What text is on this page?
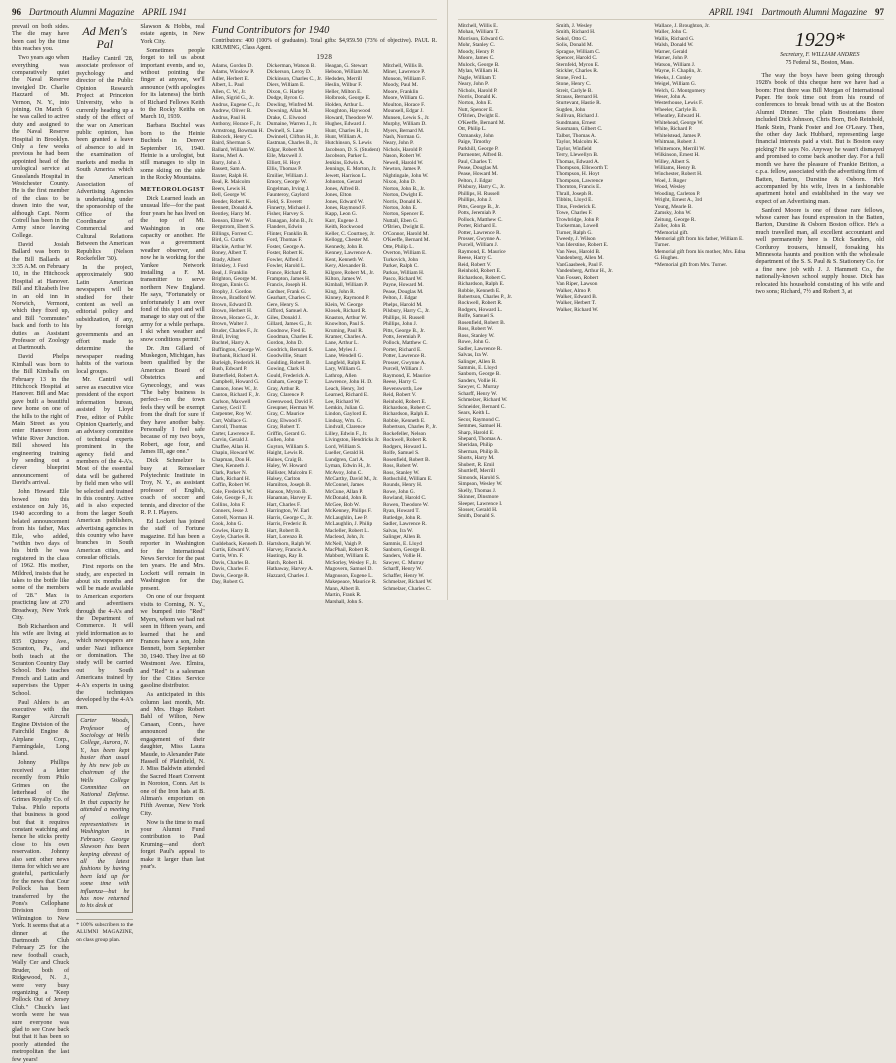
96 Dartmouth Alumni Magazine APRIL 1941

prevail on both sides. The die may have been cast by the time this reaches you.

Two years ago when everything was comparatively quiet the Naval Reserve inveigled Dr. Charlie Hazzard of Mt. Vernon, N. Y., into joining. On March 6 he was called to active duty and assigned to the Naval Reserve Hospital in Brooklyn. Only a few weeks previous he had been appointed head of the urological service at Grasslands Hospital in Westchester County. He is the first member of the class to be drawn into the war, although Capt. Norm Cotrell has been in the Army since leaving College.

David Josiah Ballard was born to the Bill Ballards at 3:35 A.M. on February 10, in the Hitchcock Hospital at Hanover. Bill and Elizabeth live in an old inn in Norwich, Vermont, which they fixed up, and Bill "commutes" back and forth to his duties as Assistant Professor of Zoology at Dartmouth.

David Phelps Kimball was born to the Bill Kimballs on February 13 in the Hitchcock Hospital at Hanover. Bill and Mac gave built a beautiful new home on one of the hills to the right of Main Street as you enter Hanover from White River Junction. Bill showed his engineering training by sending out a clever blueprint announcement of David's arrival.

John Howard Eile bowed into this existence on July 16, 1940 according to a belated announcement from his father, Max Eile, who added, "within two days of his birth he was registered in the class of 1962. His mother, Mildred, insists that he takes to the bottle like some of the members of '28." Max is practicing law at 270 Broadway, New York City.

Bob Richardson and his wife are living at 835 Quincy Ave., Scranton, Pa., and both teach at the Scranton Country Day School. Bob teaches French and Latin and supervises the Upper School.

Paul Ahlers is an executive with the Ranger Aircraft Engine Division of the Fairchild Engine & Airplane Corp., Farmingdale, Long Island.

Johnny Phillips received a letter recently from Philo Grimes on the letterhead of the Grimes Royalty Co. of Tulsa. Philo reports that business is good but that it requires constant watching and hence he sticks pretty close to his own reservation. Johnny also sent other news items for which we are grateful, particularly for the news that Cour Pollock has been transferred by the Pons's Cellophane Division from Wilmington to New York. It seems that at a dinner at the Dartmouth Club February 25 for the new football coach, Wally Cer and Chuck Bruder, both of Ridgewood, N. J., were very busy organizing a "Keep Pollock Out of Jersey Club." Chuck's last words were he was sure everyone was glad to see Craw back but that it has been so poorly attended the metropolitan the last few years!

Ad Men's Pal

Hadley Cantril '28, associate professor of psychology and director of the Public Opinion Research Project at Princeton University, who is currently heading up a study of the effect of the war on American public opinion, has been granted a leave of absence to aid in the examination of markets and media in South America which the American Association of Advertising Agencies is undertaking under the sponsorship of the Office of the Coordinator of Commercial and Cultural Relations Between the American Republics (Nelson Rockefeller '30).

In the project, approximately 900 Latin American newspapers will be studied for their content as well as editorial policy and subsidization, if any, by foreign governments and an effort made to determine the newspaper reading habits of the various local groups.

Mr. Cantril will serve as executive vice president of the export information bureau, assisted by Lloyd Free, editor of Public Opinion Quarterly, and an advisory committee of technical experts prominent in the agency field and members of the 4-A's. Most of the essential data will be gathered by field men who will be selected and trained in this country. Active aid is also expected from the larger South American publishers, advertising agencies in this country who have branches in South American cities, and consular officials.

First reports on the study, are expected in about six months and will be made available to American exporters and advertisers through the 4-A's and the Department of Commerce. It will yield information as to which newspapers are under Nazi influence or domination. The study will be carried out by South Americans trained by 4-A's experts in using the techniques developed by the 4-A's men.

Carter Woods, Professor of Sociology at Wells College, Aurora, N. Y., has been kept busier than usual by his new job as chairman of the Wells College Committee on National Defense. In that capacity he attended a meeting of college representatives in Washington in February. George Slawson has been keeping abreast of all the latest fashions by having been laid up for some time with influenza—but he has now returned to his desk at
* 100% subscribers to the ALUMNI MAGAZINE, on class group plan.

Slawson & Hobbs, real estate agents, in New York City.

Sometimes people forget to tell us about important events, and so, without pointing the finger at anyone, we'll announce (with apologies for its lateness) the birth of Richard Fellows Keith to the Rocky Keiths on March 10, 1939.

Barbara Buchtel was born to the Heinie Buchtels in Denver September 16, 1940. Heinie is a urologist, but still manages to slip in some skiing on the side in the Rocky Mountains.

METEOROLOGIST

Dick Learned leads an unusual life—for the past four years he has lived on the top of Mt. Washington in one capacity or another. He was a government weather observer, and now he is working for the Yankee Network installing a F. M. transmitter to serve northern New England. He says, "Fortunately or unfortunately I am over fond of this spot and will manage to stay out of the army for a while perhaps. I ski when weather and snow conditions permit."

Dr. Jim Gillard of Muskegon, Michigan, has been qualified by the American Board of Obstetrics and Gynecology, and was "The baby business is perfect—on the town feels they will be exempt from the draft for sure if they have another baby. Personally I feel safe because of my two boys, Robert, age four, and James III, age one."

Dick Schmelzer is busy at Rensselaer Polytechnic Institute in Troy, N. Y., as assistant professor of English, coach of soccer and tennis, and director of the R. P. I. Players.

Ed Lockett has joined the staff of Fortune magazine. Ed has been a reporter in Washington for the International News Service for the past ten years. He and Mrs. Lockett will remain in Washington for the present.

On one of our frequent visits to Corning, N. Y., we bumped into "Red" Myers, whom we had not seen in fifteen years, and learned that he and Frances have a son, John Bennett, born September 30, 1940. They live at 60 Westmont Ave. Elmira, and "Red" is a salesman for the Cities Service gasoline distributor.

As anticipated in this column last month, Mr. and Mrs. Hugo Robert Bahl of Wilton, New Canaan, Conn., have announced the engagement of their daughter, Miss Laura Maude, to Alexander Pate Hassell of Plainfield, N. J. Miss Baldwin attended the Sacred Heart Convent in Noroton, Conn. Art is one of the Iron hats at B. Altman's emporium on Fifth Avenue, New York City.

Now is the time to mail your Alumni Fund contribution to Paul Kruming—and don't forget Paul's appeal to make it larger than last year's.

Fund Contributors for 1940
Contributors: 400 (100% of graduates). Total gifts: $4,959.50 (73% of objective). PAUL R. KRUMING, Class Agent.
1928
Adams, Gordon D.
Adams, Winslow P.
Adler, Herbert E.
Albert, L. Paul
Allen, C. W., Jr.
Allen, Sigrid G., Jr.
Andrus, Eugene C., Jr.
Andrew, Oliver B.
Andrus, Paul H.
Anthony, Horace F., Jr.
Armstrong, Bowman H.
Babcock, Henry C.
Baird, Sherman S.
Ballard, William W.
Barns, Merl A.
Barry, John J.
Bassett, Sam A.
Baxter, Ralph H.
Beal, R. Malcolm
Beers, Lewis H.
Bell, George W.
Bender, Robert K.
Bennett, Donald A.
Bentley, Harry M.
Benson, Elmer W.
Bergstrom, Ebert S.
Billings, Forrest C.
Bird, G. Curtis
Blackie, Arthur W.
Boney, Albert T.
Brady, Albert
Brinkley, J. Ford
Beal, J. Franklin
Brighton, George M.
Brogan, Ennis G.
Brophy, J. Gordon
Brown, Bradford W.
Brown, Edward D.
Brown, Herbert H.
Brown, Horace G., Jr.
Brown, Walter J.
Bruder, Charles F., Jr.
Brull, Irving
Buchtel, Harry A.
Buffington, George W.
Burbank, Richard H.
Burleigh, Frederick H.
Bush, Edward P.
Butterfield, Robert A.
Campbell, Howard G.
Cannon, Jones W., Jr.
Canton, Richard F., Jr.
Carlson, Maxwell
Carney, Cecil T.
Carpenter, Roy W.
Carr, Wallace G.
Carroll, Thomas
Carter, Lawrence E.
Carvin, Gerald J.
Chaffee, Allan H.
Chapin, Howard W.
Chapman, Don H.
Chen, Kenneth J.
Clark, Parker N.
Clark, Richard H.
Coffin, Robert W.
Cole, Frederick W.
Cole, George F., Jr.
Collins, John F.
Conners, Jesse J.
Cotrell, Norman H.
Cook, John G.
Cowles, Harry B.
Coyle, Charles R.
Cuddeback, Kenneth D.
Curtis, Edward V.
Curtis, Wm. F.
Davis, Charles B.
Davis, Charles F.
Davis, George R.
Day, Robert G.
Dickerman, Watson B.
Dickerson, Leroy D.
Dickinson, Charles C., Jr.
Diers, William E.
Dixon, G. Harley
Dodge, Byron G.
Dowling, Winfred M.
Downing, Allan M.
Drake, C. Elwood
Dumaine, Warren J., Jr.
Dwinell, S. Lane
Dwinnell, Clifton H., Jr.
Eastman, Charles B., Jr.
Edgar, Robert M.
Eile, Maxwell J.
Elliott, H. Hoyt
Ellis, Thomas P.
Emilier, William J.
Emory, George W.
Engelman, Irving J.
Faunteroy, Gaylord
Field, S. Everett
Finnerty, Michael J.
Fisher, Harvey S.
Flanagan, John B., Jr.
Flanders, Edwin
Flinter, Franklin B.
Ford, Thomas F.
Foster, George A.
Foster, Robert K.
Fowler, Alfred J.
Fowler, Harold L.
France, Richard R.
Frampton, James H.
Francis, Joseph H.
Gardner, Frank G.
Gearhart, Charles C.
Gere, Henry S.
Gifford, Samuel A.
Giles, Donald J.
Gillard, James G., Jr.
Goodnow, Fred E.
Goodman, Charles E.
Gordon, John D.
Goodrich, Bernard S.
Goodwillie, Stuart
Goulding, Robert B.
Gowing, Clark H.
Gould, Frederick A.
Graham, George T.
Gray, Arthur R.
Gray, Clarence P.
Greenwood, David F.
Greupner, Herman W.
Gray, C. Maurice
Gray, Elwood F.
Gray, Robert T.
Griffin, Gerard G.
Gullen, John
Guyton, William S.
Haight, Lewis R.
Haines, Craig B.
Haley, W. Howard
Hallister, Malcolm F.
Halsey, Carlton
Hamilton, Joseph B.
Hanson, Myron B.
Hanaman, Harvey E.
Hart, Charles F.
Harrington, W. Earl
Harris, George C., Jr.
Harris, Frederic B.
Hart, Robert B.
Hart, Lorenzo B.
Hartshorn, Ralph W.
Harvey, Francis A.
Hastings, Ray B.
Hatch, Robert H.
Hathaway, Harvey A.
Hazzard, Charles J.
Heagan, G. Stewart
Hebson, William M.
Hedsden, Merrill
Heslin, Wilbur F.
Heller, Milton E.
Holbrook, George E.
Holden, Arthur L.
Houghton, Haywood
Howard, Theodore W.
Hughes, Edward J.
Hunt, Charles H., Jr.
Hunt, William A.
Hutchinson, S. Lewis
Jacobson, D. S. (Student)
Jacobson, Parker L.
Jenkins, Edwin A.
Jennings, E. Morton, Jr.
Jewett, Harrison L.
Johnston, Gerard
Jones, Alfred B.
Jones, Elton
Jones, Edward W.
Jones, Raymond F.
Kapp, Leon G.
Karr, Eugene J.
Keith, Rockwood
Keller, C. Courtney, Jr.
Kellogg, Chester M.
Kennedy, John B.
Kenney, Lawrence A.
Kent, Kenneth W.
Kery, Alexander B.
Kilgore, Robert M., Jr.
Kilton, James W.
Kimball, William P.
King, John R.
Kinney, Raymond P.
Klein, W. George
Klosek, Richard R.
Knaston, Arthur W.
Knowlton, Paul S.
Kruming, Paul R.
Kramer, Charles A.
Lane, Arthur L.
Lane, Myles J.
Lane, Wendell G.
Langfeld, Ralph E.
Lary, William G.
Lathrop, Allen
Lawrence, John H. D.
Leach, Henry, 3rd
Learned, Richard E.
Lee, Richard W.
Lemkin, Julian G.
Lindon, Gaylord E.
Lindsay, Wm. G.
Lindvall, Clarence
Lilley, Edwin F., Jr.
Livingston, Hendricks Jr.
Lord, William S.
Lueller, Gerald H.
Lundgren, Carl A.
Lyman, Edwin H., Jr.
McAvoy, John C.
McCarthy, David M., Jr.
McConnel, James
McCune, Allan P.
McDonald, John B.
McGee, Bob W.
McKenney, Philips F.
McLaughlin, Lee P.
McLaughlin, J. Philip
Macleller, Robert L.
Macleod, John, Jr.
McNeil, Vaigh P.
MacPhail, Robert R.
Mabbott, William E.
McSorley, Wesley F., Jr.
Magovern, Samuel D.
Magnuson, Eugene L.
Makepeace, Maurice R.
Mann, Albert B.
Martin, Frank R.
Marshall, John S.
Mitchell, Willis B.
Miner, Lawrence P.
Monson, William F.
Moody, Paul M.
Moore, Franklin
Moore, William G.
Moulton, Horace F.
Mounsell, Edgar J.
Munsen, Lewis S., Jr.
Murphy, William D.
Myers, Bernard M.
Nash, Norman G.
Neary, John P.
Nichols, Harold P.
Nason, Robert W.
Newell, Harold W.
Newton, James P.
Nightingale, John W.
Nixon, John D.
Norton, John B., Jr.
Norton, Dwight E.
Norris, Donald K.
Norton, John E.
Norton, Spencer E.
Nuttall, Eben G.
O'Brien, Dwight E.
O'Connor, Harold M.
O'Keeffe, Bernard M.
Otte, Philip L.
Overton, William E.
Turkovich, John
Parker, Ralph C.
Parkus, William H.
Pasco, Richard W.
Payne, Howard M.
Pease, Douglas M.
Pelton, J. Edgar
Phelps, Harold M.
Pilsbury, Harry C., Jr.
Phillips, H. Russell
Phillips, John J.
Pitts, George B., Jr.
Potts, Jeremiah P.
Pollock, Matthew C.
Porter, Richard E.
Potter, Lawrence R.
Prosser, Gwynne A.
Purcell, William J.
Raymond, E. Maurice
Reese, Harry C.
Revensworth, Lee
Reid, Robert V.
Reinhold, Robert E.
Richardson, Robert C.
Richardson, Ralph E.
Robbie, Kenneth E.
Robertson, Charles P., Jr.
Rockefeller, Nelson
Rockwell, Robert R.
Rodgers, Howard L.
Rolfe, Samuel S.
Rosenfield, Robert B.
Ross, Robert W.
Ross, Stanley W.
Rothschild, William E.
Rounds, Henry H.
Rowe, John G.
Rowland, Harold C.
Rowen, Theodore W.
Ryan, Howard T.
Rutledge, John R.
Sadler, Lawrence R.
Salvas, Ira W.
Salinger, Allen B.
Sammis, E. Lloyd
Sanborn, George B.
Sanders, Vollie H.
Sawyer, C. Murray
Scharff, Henry W.
Schaffer, Henry W.
Schmelzer, Richard W.
Schmelzer, Charles C.
APRIL 1941 Dartmouth Alumni Magazine 97
Mitchell, Willis E.
Mohan, William T.
Morrison, Edward G.
Mohr, Stanley C.
Moody, Henry P.
Moore, James C.
Mulock, George B.
Mylan, William H.
Nagle, William T.
Neary, John P.
Nichols, Harold P.
Norris, Donald K.
Norton, John E.
Nutt, Spencer E.
O'Brien, Dwight E.
O'Keeffe, Bernard M.
Ott, Philip L.
Ozmansky, John
Paige, Timothy
Parkhill, George P.
Parmenter, Alfred B.
Paul, Charles T.
Pease, Douglas M.
Pease, Howard M.
Pelton, J. Edgar
Pilsbury, Harry C., Jr.
Phillips, H. Russell
Phillips, John J.
Pitts, George B., Jr.
Potts, Jeremiah P.
Pollock, Matthew C.
Porter, Richard E.
Potter, Lawrence R.
Prosser, Gwynne A.
Purcell, William J.
Raymond, E. Maurice
Reese, Harry C.
Reid, Robert V.
Reinhold, Robert E.
Richardson, Robert C.
Richardson, Ralph E.
Robbie, Kenneth E.
Robertson, Charles P., Jr.
Rockwell, Robert R.
Rodgers, Howard L.
Rolfe, Samuel S.
Rosenfield, Robert B.
Ross, Robert W.
Ross, Stanley W.
Rowe, John G.
Sadler, Lawrence R.
Salvas, Ira W.
Salinger, Allen B.
Sammis, E. Lloyd
Sanborn, George B.
Sanders, Vollie H.
Sawyer, C. Murray
Scharff, Henry W.
Schmelzer, Richard W.
Schneider, Bernard C.
Sears, Keith L.
Secor, Raymond C.
Semmes, Samuel H.
Sharp, Harold E.
Shepard, Thomas A.
Sheridan, Philip
Sherman, Philip B.
Shorts, Harry M.
Shubert, R. Emil
Shurtleff, Merrill
Simonds, Harold S.
Simpson, Wesley W.
Skelly, Thomas J.
Skinner, Dinsmore
Sleeper, Lawrence I.
Slosser, Gerald H.
Smith, Donald S.
Smith, J. Wesley
Smith, Richard H.
Sokol, Otto C.
Solis, Donald M.
Sprague, William C.
Spencer, Harold C.
Sternfeld, Myron E.
Stickler, Charles R.
Stone, Fred L.
Stone, Henry C.
Streit, Carlyle B.
Strauss, Bernard H.
Sturtevant, Hastie R.
Sugden, John
Sullivan, Richard J.
Sundmann, Ernest
Sussmann, Gilbert C.
Talbot, Thomas A.
Taylor, Malcolm K.
Taylor, Winfield
Terry, Llewellyn B.
Thomas, Edward A.
Thompson, Ellsworth T.
Thompson, H. Hoyt
Thompson, Lawrence
Thornton, Francis E.
Thrall, Joseph R.
Tibbits, Lloyd E.
Titus, Frederick E.
Towe, Charles F.
Trowbridge, John P.
Tuckerman, Lowell
Turner, Ralph G.
Tweedy, J. Wilson
Van Iderstine, Robert E.
Van Ness, Harold B.
Vandenberg, Allen M.
VanGaasbeek, Paul F.
Vandenberg, Arthur H., Jr.
Van Fossen, Robert
Van Riper, Lawson
Walker, Almo P.
Walker, Edward B.
Walker, Herbert T.
Walker, Richard W.
Wallace, J. Broughton, Jr.
Waller, John C.
Wallis, Richard G.
Walsh, Donald W.
Warner, Gerald
Warner, John P.
Watson, William J.
Wayne, F. Chaplin, Jr.
Weeks, J. Conley
Weigel, William G.
Welch, G. Montgomery
Weser, John A.
Westerhouse, Lewis F.
Wheeler, Carlyle B.
Wheatley, Edward H.
Whitehead, George W.
White, Richard P.
Whitelstead, James P.
Whitman, Robert J.
Whittemore, Merrill W.
Wilkinson, Ernest H.
Willey, Albert S.
Williams, Henry B.
Winchester, Robert H.
Woel, J. Roger
Wood, Wesley
Wooding, Carleton P.
Wright, Ernest A., 3rd
Young, Mearle B.
Zamsky, John W.
Zeitung, George R.
Zoller, John B.
*Memorial gift.
Memorial gift from his father, William E. Turner.
Memorial gift from his mother, Mrs. Edna G. Hughes.
*Memorial gift from Mrs. Turner.
1929*
Secretary, F. WILLIAM ANDRES
75 Federal St., Boston, Mass.

The way the boys have been going through 1928's book of this cheque here we have had a boom: First there was Bill Morgan of International Paper. He took time out from his round of conferences to break bread with us at the Boston Alumni Dinner. The plain Bostonians there included Dick Johnson, Chris Born, Bob Reinhold, Hank Stein, Frank Foster and Joe O'Leary. Then, the other day Jack Hubbard, representing large financial interests paid a visit. But is Boston easy picking? He says No. Anyway he wasn't dismayed and promised to come back another day. For a full month we have the pleasure of Frankie Britton, a c.p.a. fellow, associated with the advertising firm of Batten, Barton, Durstine & Osborn. He's accompanied by his wife, lives in a fashionable apartment hotel and established in the way we expect of an Advertising man.

Sanford Moore is one of those rare fellows, whose career has found expression in the Batten, Barton, Durstine & Osborn Boston office. He's a much travelled man, all excellent accountant and well permanently here is Dick Sanders, old Corduroy trousers, himself, forsaking his Minnesota haunts and position with the wholesale department of the S. S. Paul & S. Stationery Co. for a fine new job with J. J. Hammett Co., the nationally-known school supply house. Dick has relocated his household consisting of his wife and two sons; Richard, 7½ and Robert 3, at
